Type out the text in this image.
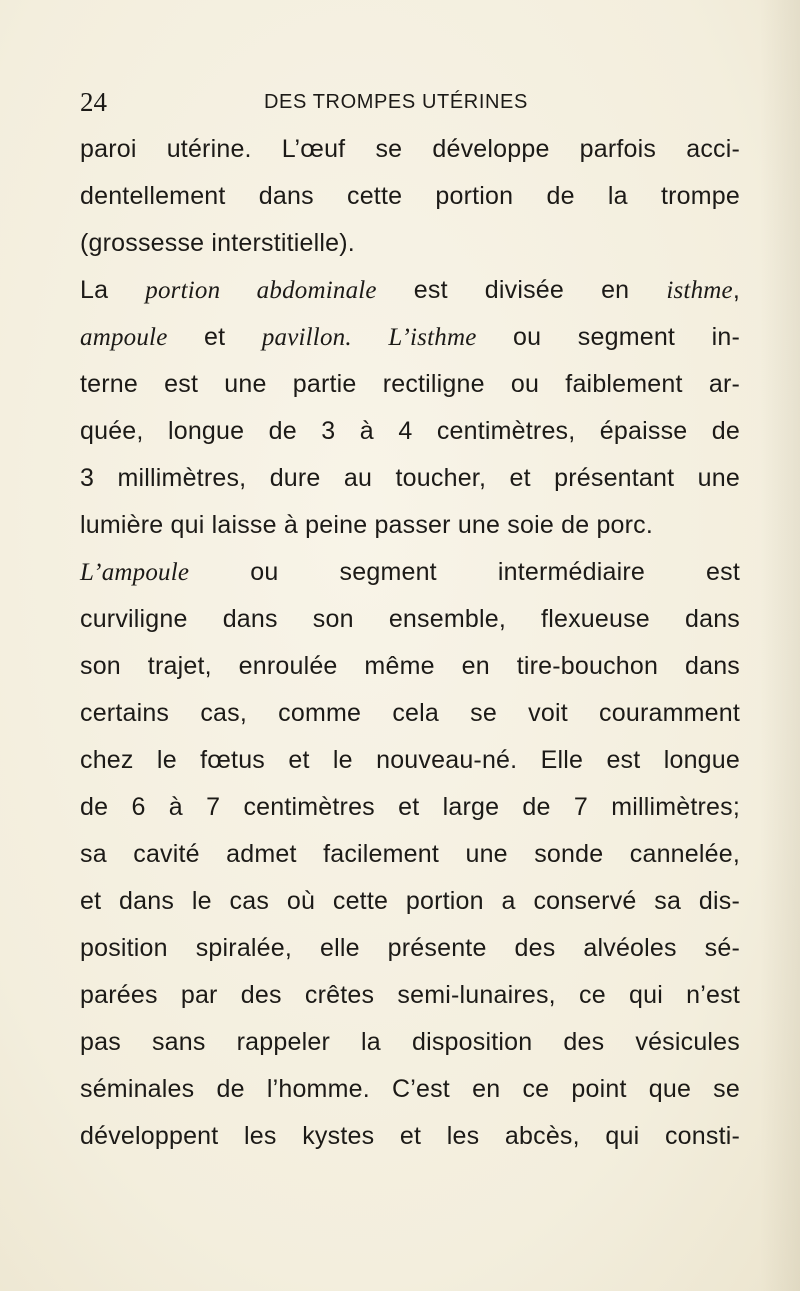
24	DES TROMPES UTÉRINES
paroi utérine. L’œuf se développe parfois acci-
dentellement dans cette portion de la trompe
(grossesse interstitielle).
La portion abdominale est divisée en isthme,
ampoule et pavillon. L’isthme ou segment in-
terne est une partie rectiligne ou faiblement ar-
quée, longue de 3 à 4 centimètres, épaisse de
3 millimètres, dure au toucher, et présentant une
lumière qui laisse à peine passer une soie de porc.
L’ampoule ou segment intermédiaire est
curviligne dans son ensemble, flexueuse dans
son trajet, enroulée même en tire-bouchon dans
certains cas, comme cela se voit couramment
chez le fœtus et le nouveau-né. Elle est longue
de 6 à 7 centimètres et large de 7 millimètres;
sa cavité admet facilement une sonde cannelée,
et dans le cas où cette portion a conservé sa dis-
position spiralée, elle présente des alvéoles sé-
parées par des crêtes semi-lunaires, ce qui n’est
pas sans rappeler la disposition des vésicules
séminales de l’homme. C’est en ce point que se
développent les kystes et les abcès, qui consti-
